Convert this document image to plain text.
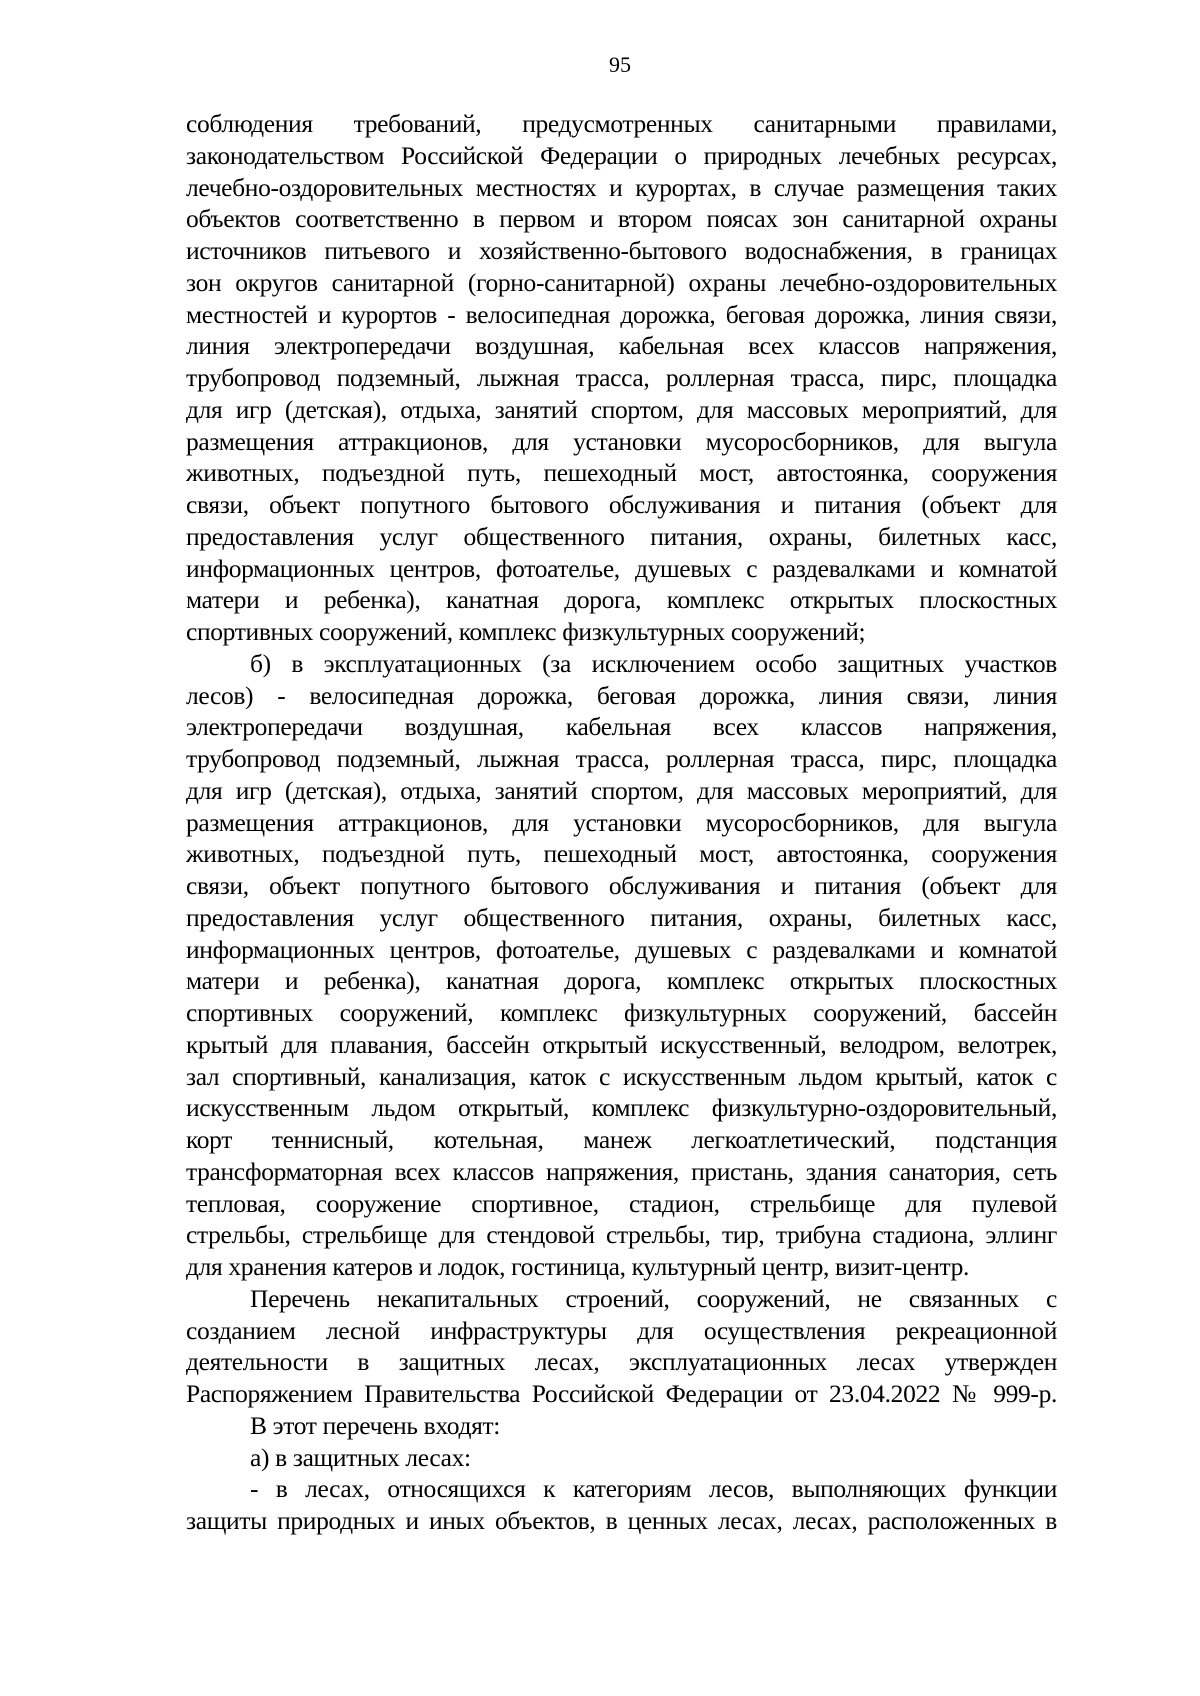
95
соблюдения требований, предусмотренных санитарными правилами,
законодательством Российской Федерации о природных лечебных ресурсах,
лечебно-оздоровительных местностях и курортах, в случае размещения таких
объектов соответственно в первом и втором поясах зон санитарной охраны
источников питьевого и хозяйственно-бытового водоснабжения, в границах
зон округов санитарной (горно-санитарной) охраны лечебно-оздоровительных
местностей и курортов - велосипедная дорожка, беговая дорожка, линия связи,
линия электропередачи воздушная, кабельная всех классов напряжения,
трубопровод подземный, лыжная трасса, роллерная трасса, пирс, площадка
для игр (детская), отдыха, занятий спортом, для массовых мероприятий, для
размещения аттракционов, для установки мусоросборников, для выгула
животных, подъездной путь, пешеходный мост, автостоянка, сооружения
связи, объект попутного бытового обслуживания и питания (объект для
предоставления услуг общественного питания, охраны, билетных касс,
информационных центров, фотоателье, душевых с раздевалками и комнатой
матери и ребенка), канатная дорога, комплекс открытых плоскостных
спортивных сооружений, комплекс физкультурных сооружений;
б) в эксплуатационных (за исключением особо защитных участков
лесов) - велосипедная дорожка, беговая дорожка, линия связи, линия
электропередачи воздушная, кабельная всех классов напряжения,
трубопровод подземный, лыжная трасса, роллерная трасса, пирс, площадка
для игр (детская), отдыха, занятий спортом, для массовых мероприятий, для
размещения аттракционов, для установки мусоросборников, для выгула
животных, подъездной путь, пешеходный мост, автостоянка, сооружения
связи, объект попутного бытового обслуживания и питания (объект для
предоставления услуг общественного питания, охраны, билетных касс,
информационных центров, фотоателье, душевых с раздевалками и комнатой
матери и ребенка), канатная дорога, комплекс открытых плоскостных
спортивных сооружений, комплекс физкультурных сооружений, бассейн
крытый для плавания, бассейн открытый искусственный, велодром, велотрек,
зал спортивный, канализация, каток с искусственным льдом крытый, каток с
искусственным льдом открытый, комплекс физкультурно-оздоровительный,
корт теннисный, котельная, манеж легкоатлетический, подстанция
трансформаторная всех классов напряжения, пристань, здания санатория, сеть
тепловая, сооружение спортивное, стадион, стрельбище для пулевой
стрельбы, стрельбище для стендовой стрельбы, тир, трибуна стадиона, эллинг
для хранения катеров и лодок, гостиница, культурный центр, визит-центр.
Перечень некапитальных строений, сооружений, не связанных с
созданием лесной инфраструктуры для осуществления рекреационной
деятельности в защитных лесах, эксплуатационных лесах утвержден
Распоряжением Правительства Российской Федерации от 23.04.2022 № 999-р.
В этот перечень входят:
а) в защитных лесах:
- в лесах, относящихся к категориям лесов, выполняющих функции
защиты природных и иных объектов, в ценных лесах, лесах, расположенных в
